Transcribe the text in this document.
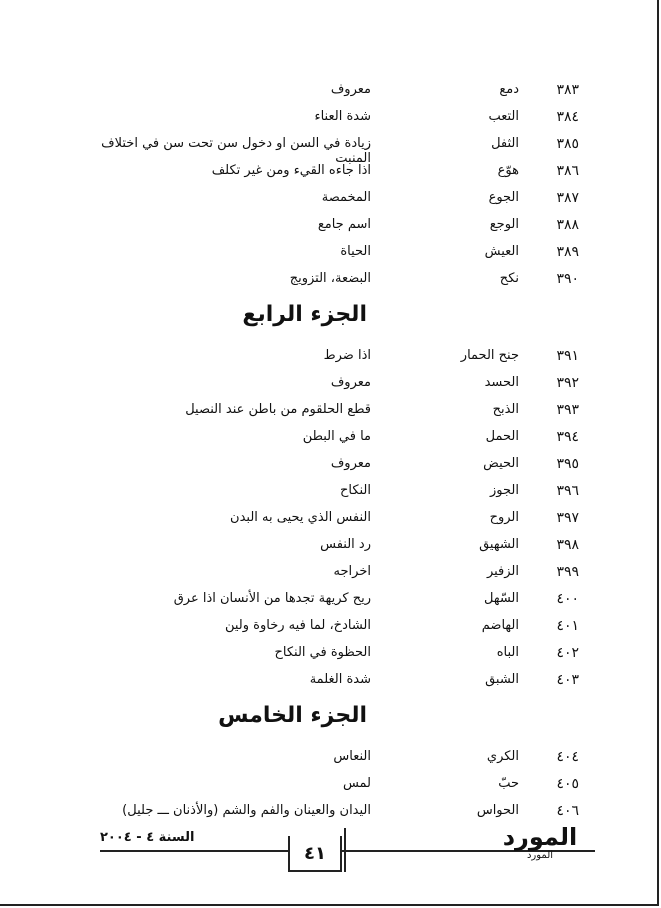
٣٨٣
دمع
معروف
٣٨٤
التعب
شدة العناء
٣٨٥
الثفل
زيادة في السن او دخول سن تحت سن في اختلاف المنبت
٣٨٦
هوّع
اذا جاءه القيء ومن غير تكلف
٣٨٧
الجوع
المخمصة
٣٨٨
الوجع
اسم جامع
٣٨٩
العيش
الحياة
٣٩٠
نكح
البضعة، التزويج
الجزء الرابع
٣٩١
جنح الحمار
اذا ضرط
٣٩٢
الحسد
معروف
٣٩٣
الذبح
قطع الحلقوم من باطن عند النصيل
٣٩٤
الحمل
ما في البطن
٣٩٥
الحيض
معروف
٣٩٦
الجوز
النكاح
٣٩٧
الروح
النفس الذي يحيى به البدن
٣٩٨
الشهيق
رد النفس
٣٩٩
الزفير
اخراجه
٤٠٠
السّهل
ريح كريهة تجدها من الأنسان اذا عرق
٤٠١
الهاضم
الشادخ، لما فيه رخاوة ولين
٤٠٢
الباه
الحظوة في النكاح
٤٠٣
الشبق
شدة الغلمة
الجزء الخامس
٤٠٤
الكري
النعاس
٤٠٥
حبّ
لمس
٤٠٦
الحواس
اليدان والعينان والفم والشم (والأذنان ـــ جليل)
السنة ٤ - ٢٠٠٤
٤١
المورد
المورد
